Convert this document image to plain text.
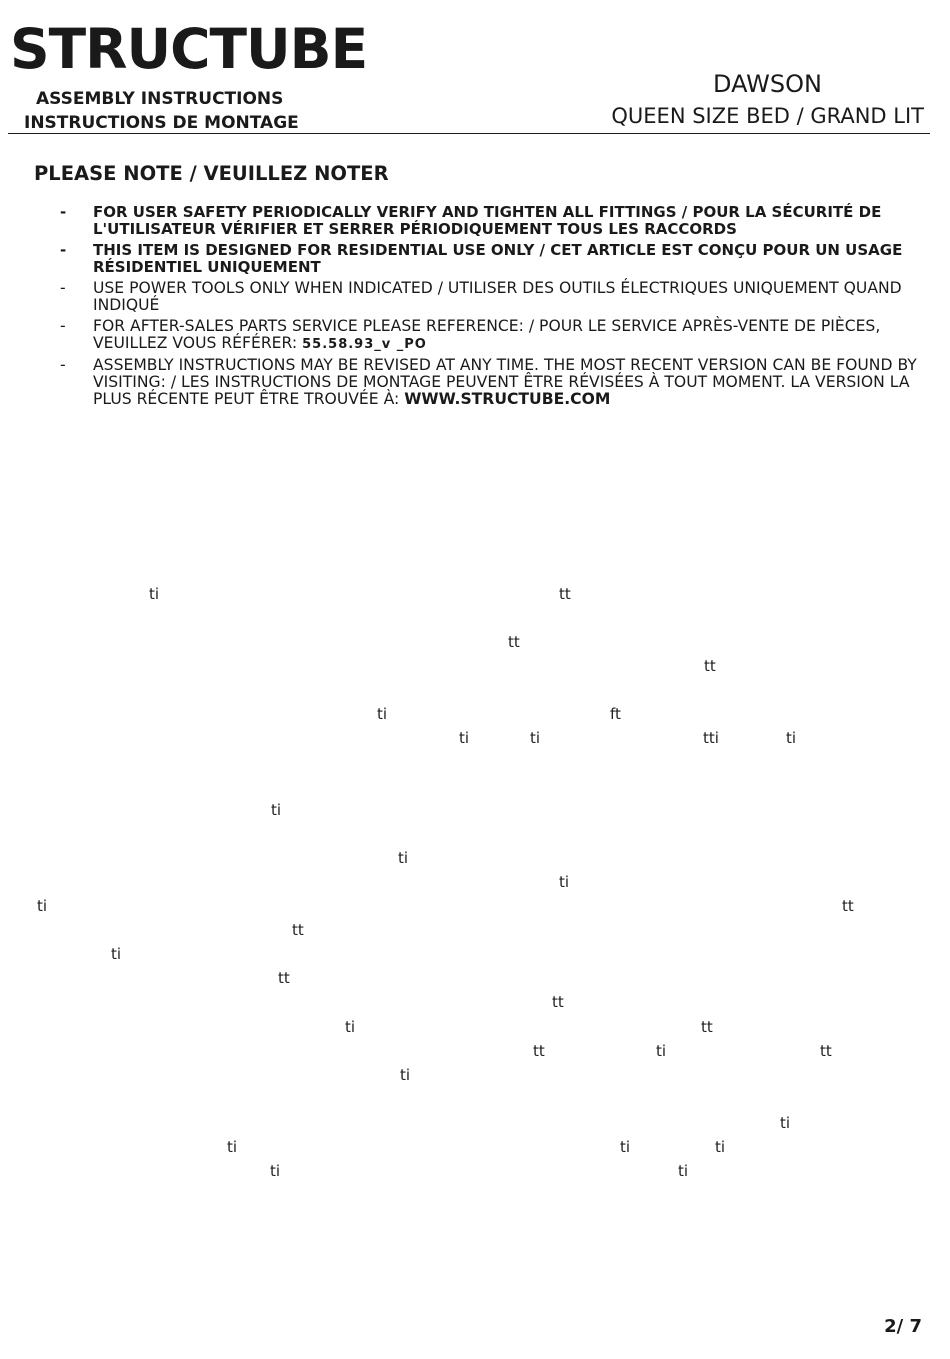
STRUCTUBE
ASSEMBLY INSTRUCTIONS
INSTRUCTIONS DE MONTAGE
DAWSON
QUEEN SIZE BED / GRAND LIT
PLEASE NOTE / VEUILLEZ NOTER
- FOR USER SAFETY PERIODICALLY VERIFY AND TIGHTEN ALL FITTINGS / POUR LA SÉCURITÉ DE L'UTILISATEUR VÉRIFIER ET SERRER PÉRIODIQUEMENT TOUS LES RACCORDS
- THIS ITEM IS DESIGNED FOR RESIDENTIAL USE ONLY / CET ARTICLE EST CONÇU POUR UN USAGE RÉSIDENTIEL UNIQUEMENT
- USE POWER TOOLS ONLY WHEN INDICATED / UTILISER DES OUTILS ÉLECTRIQUES UNIQUEMENT QUAND INDIQUÉ
- FOR AFTER-SALES PARTS SERVICE PLEASE REFERENCE: / POUR LE SERVICE APRÈS-VENTE DE PIÈCES, VEUILLEZ VOUS RÉFÉRER: 55.58.93_v _PO
- ASSEMBLY INSTRUCTIONS MAY BE REVISED AT ANY TIME. THE MOST RECENT VERSION CAN BE FOUND BY VISITING: / LES INSTRUCTIONS DE MONTAGE PEUVENT ÊTRE RÉVISÉES À TOUT MOMENT. LA VERSION LA PLUS RÉCENTE PEUT ÊTRE TROUVÉE À: WWW.STRUCTUBE.COM
ti	tt
tt
tt
ti	ft
ti	ti	tti	ti
ti
ti
ti
ti	tt
tt
ti
tt
tt
ti	tt
tt	ti	tt
ti
ti
ti	ti	ti
ti	ti
2/ 7
